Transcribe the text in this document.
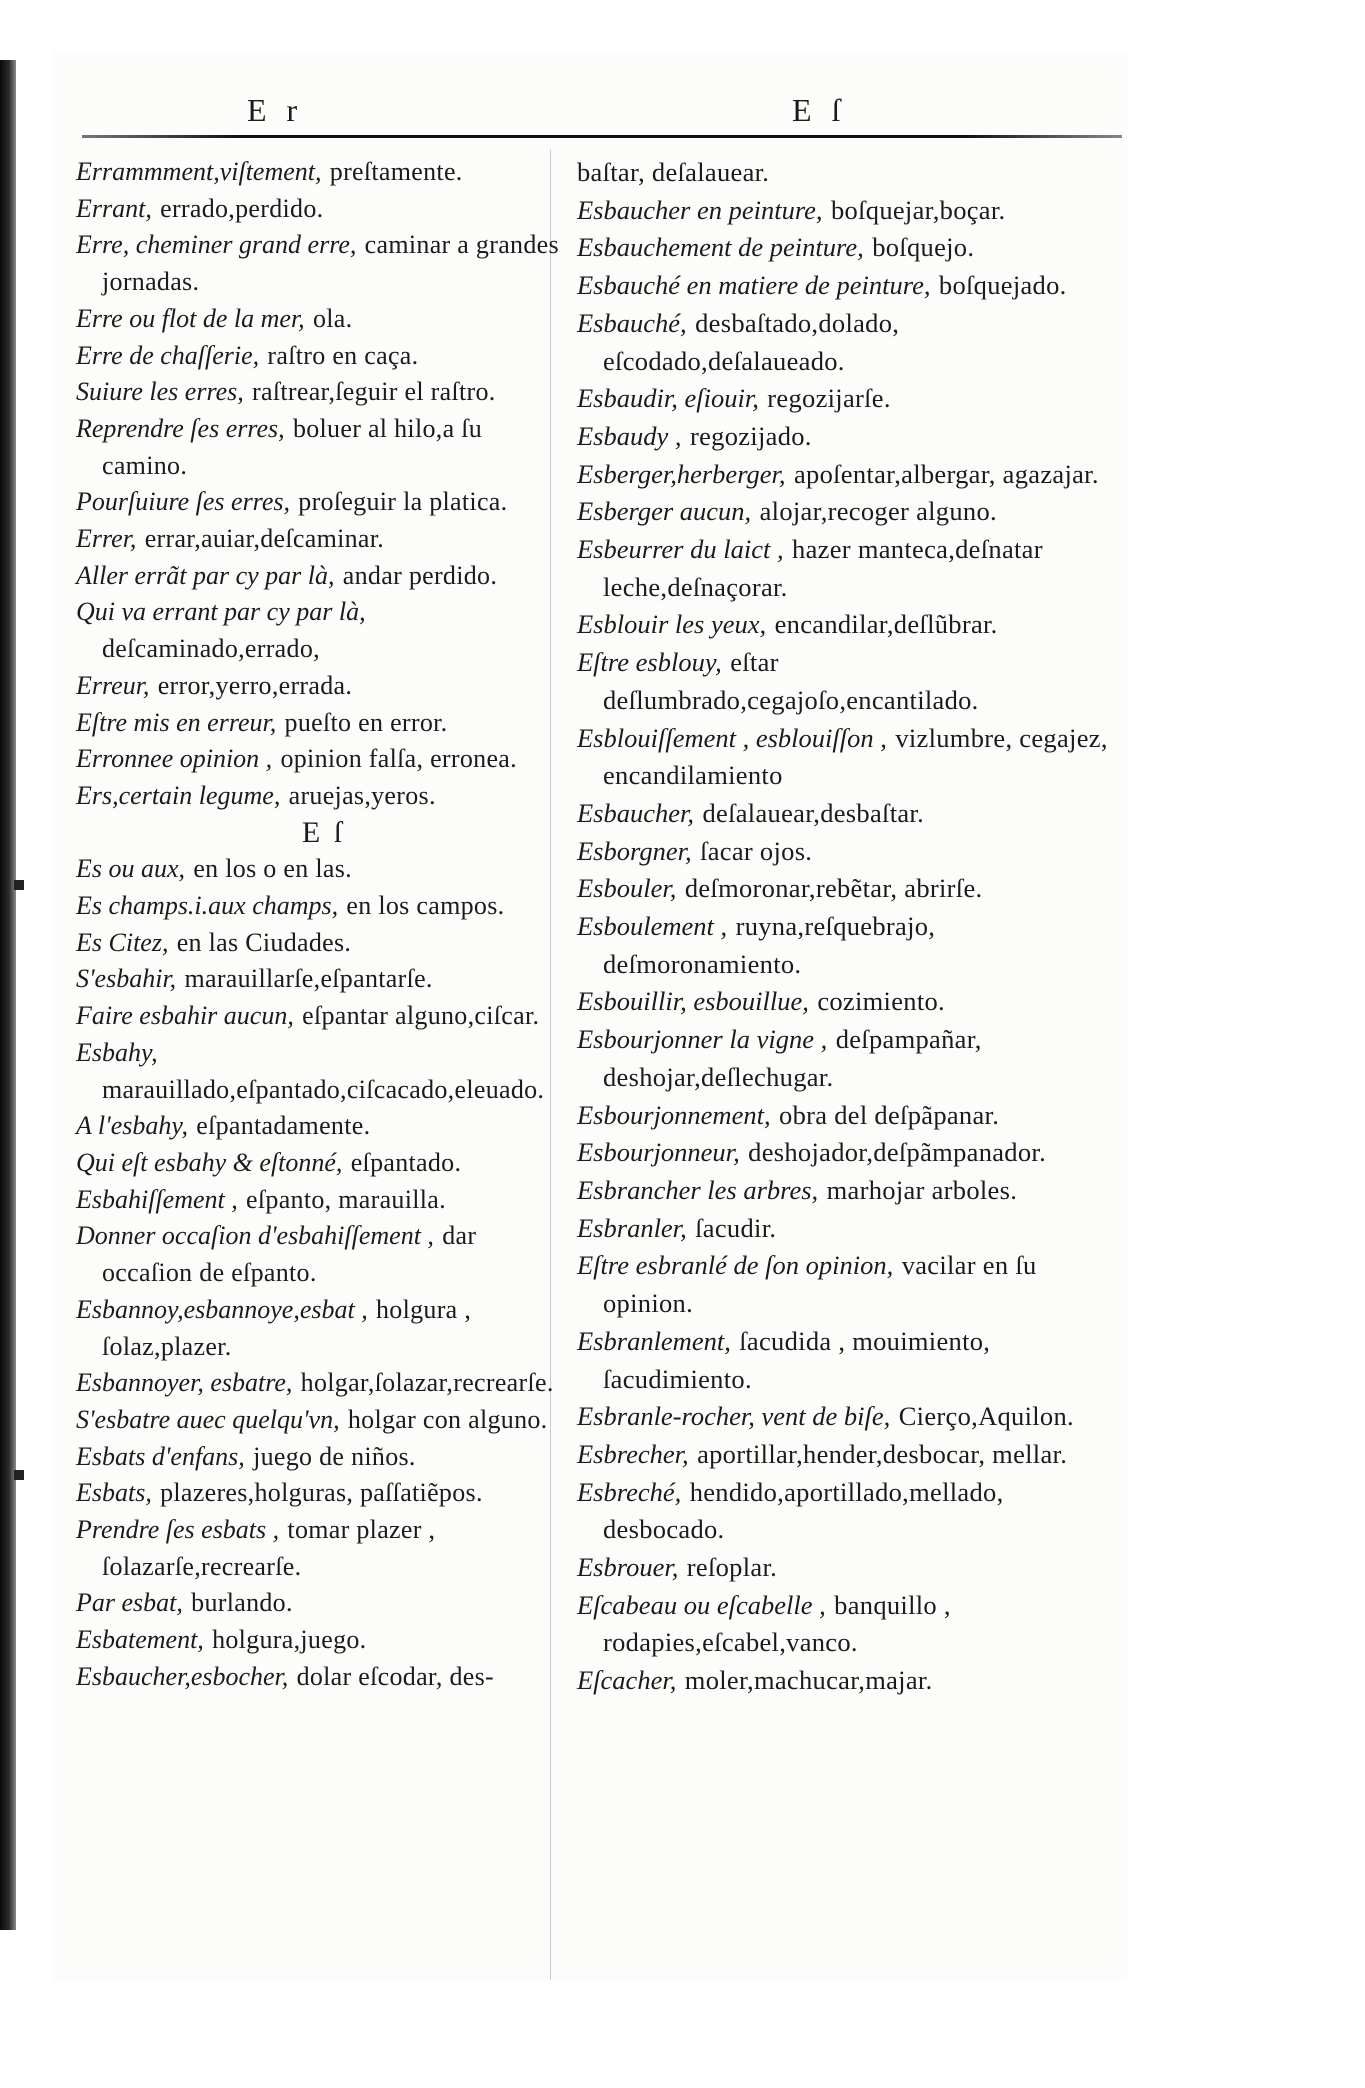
E r	E ſ
Errammment,viſtement, preſtamente.
Errant, errado,perdido.
Erre, cheminer grand erre, caminar a grandes jornadas.
Erre ou flot de la mer, ola.
Erre de chaſſerie, raſtro en caça.
Suiure les erres, raſtrear,ſeguir el raſtro.
Reprendre ſes erres, boluer al hilo,a ſu camino.
Pourſuiure ſes erres, proſeguir la platica.
Errer, errar,auiar,deſcaminar.
Aller errãt par cy par là, andar perdido.
Qui va errant par cy par là, deſcaminado,errado,
Erreur, error,yerro,errada.
Eſtre mis en erreur, pueſto en error.
Erronnee opinion , opinion falſa, erronea.
Ers,certain legume, aruejas,yeros.
E ſ
Es ou aux, en los o en las.
Es champs.i.aux champs, en los campos.
Es Citez, en las Ciudades.
S'esbahir, marauillarſe,eſpantarſe.
Faire esbahir aucun, eſpantar alguno,ciſcar.
Esbahy, marauillado,eſpantado,ciſcacado,eleuado.
A l'esbahy, eſpantadamente.
Qui eſt esbahy & eſtonné, eſpantado.
Esbahiſſement , eſpanto, marauilla.
Donner occaſion d'esbahiſſement , dar occaſion de eſpanto.
Esbannoy,esbannoye,esbat , holgura , ſolaz,plazer.
Esbannoyer, esbatre, holgar,ſolazar,recrearſe.
S'esbatre auec quelqu'vn, holgar con alguno.
Esbats d'enfans, juego de niños.
Esbats, plazeres,holguras, paſſatiẽpos.
Prendre ſes esbats , tomar plazer , ſolazarſe,recrearſe.
Par esbat, burlando.
Esbatement, holgura,juego.
Esbaucher,esbocher, dolar eſcodar, des-
baſtar, deſalauear.
Esbaucher en peinture, boſquejar,boçar.
Esbauchement de peinture, boſquejo.
Esbauché en matiere de peinture, boſquejado.
Esbauché, desbaſtado,dolado, eſcodado,deſalaueado.
Esbaudir, eſiouir, regozijarſe.
Esbaudy , regozijado.
Esberger,herberger, apoſentar,albergar, agazajar.
Esberger aucun, alojar,recoger alguno.
Esbeurrer du laict , hazer manteca,deſnatar leche,deſnaçorar.
Esblouir les yeux, encandilar,deſlũbrar.
Eſtre esblouy, eſtar deſlumbrado,cegajoſo,encantilado.
Esblouiſſement , esblouiſſon , vizlumbre, cegajez, encandilamiento
Esbaucher, deſalauear,desbaſtar.
Esborgner, ſacar ojos.
Esbouler, deſmoronar,rebẽtar, abrirſe.
Esboulement , ruyna,reſquebrajo, deſmoronamiento.
Esbouillir, esbouillue, cozimiento.
Esbourjonner la vigne , deſpampañar, deshojar,deſlechugar.
Esbourjonnement, obra del deſpãpanar.
Esbourjonneur, deshojador,deſpãmpanador.
Esbrancher les arbres, marhojar arboles.
Esbranler, ſacudir.
Eſtre esbranlé de ſon opinion, vacilar en ſu opinion.
Esbranlement, ſacudida , mouimiento, ſacudimiento.
Esbranle-rocher, vent de biſe, Cierço,Aquilon.
Esbrecher, aportillar,hender,desbocar, mellar.
Esbreché, hendido,aportillado,mellado, desbocado.
Esbrouer, reſoplar.
Eſcabeau ou eſcabelle , banquillo , rodapies,eſcabel,vanco.
Eſcacher, moler,machucar,majar.
